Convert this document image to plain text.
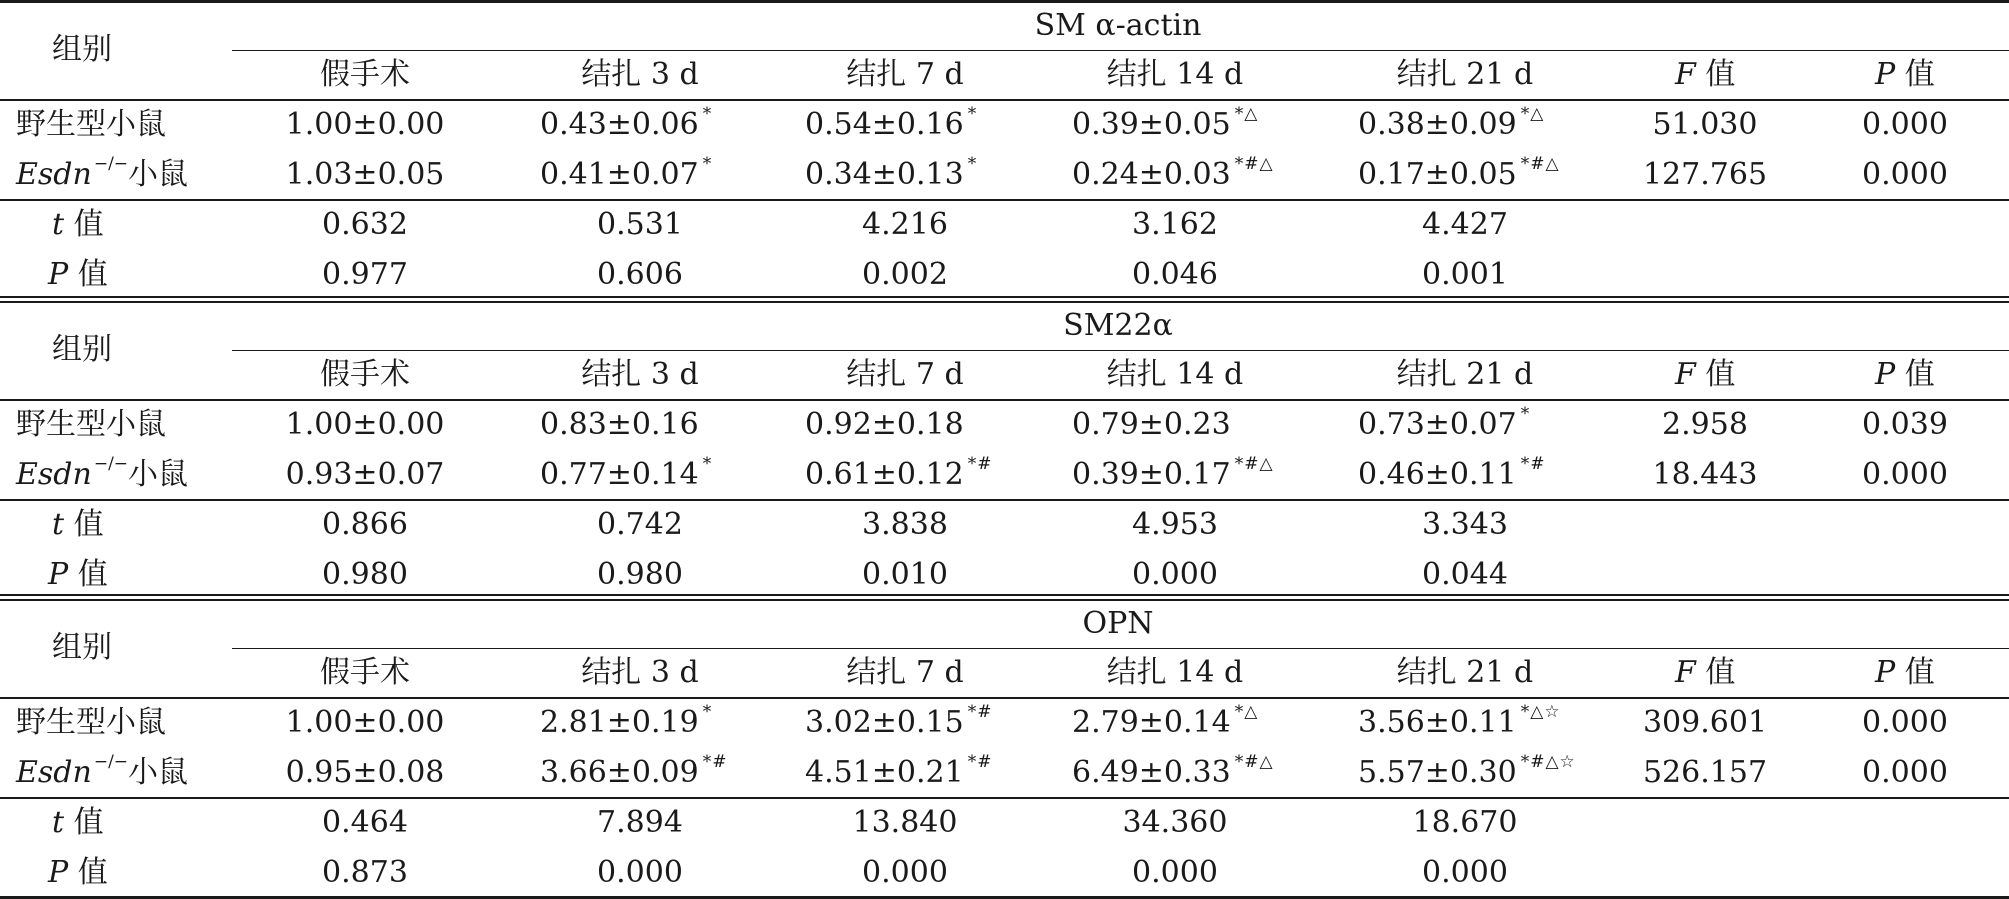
组别
SM α-actin
假手术	结扎 3 d	结扎 7 d	结扎 14 d	结扎 21 d	F 值	P 值
野生型小鼠	1.00±0.00	0.43±0.06 *	0.54±0.16 *	0.39±0.05 *△	0.38±0.09 *△	51.030	0.000
Esdn −/−小鼠	1.03±0.05	0.41±0.07 *	0.34±0.13 *	0.24±0.03 *#△	0.17±0.05 *#△	127.765	0.000
t 值	0.632	0.531	4.216	3.162	4.427
P 值	0.977	0.606	0.002	0.046	0.001
组别
SM22α
假手术	结扎 3 d	结扎 7 d	结扎 14 d	结扎 21 d	F 值	P 值
野生型小鼠	1.00±0.00	0.83±0.16	0.92±0.18	0.79±0.23	0.73±0.07 *	2.958	0.039
Esdn −/−小鼠	0.93±0.07	0.77±0.14 *	0.61±0.12 *#	0.39±0.17 *#△	0.46±0.11 *#	18.443	0.000
t 值	0.866	0.742	3.838	4.953	3.343
P 值	0.980	0.980	0.010	0.000	0.044
组别
OPN
假手术	结扎 3 d	结扎 7 d	结扎 14 d	结扎 21 d	F 值	P 值
野生型小鼠	1.00±0.00	2.81±0.19 *	3.02±0.15 *#	2.79±0.14 *△	3.56±0.11 *△☆	309.601	0.000
Esdn −/−小鼠	0.95±0.08	3.66±0.09 *#	4.51±0.21 *#	6.49±0.33 *#△	5.57±0.30 *#△☆ 526.157	0.000
t 值	0.464	7.894	13.840	34.360	18.670
P 值	0.873	0.000	0.000	0.000	0.000
